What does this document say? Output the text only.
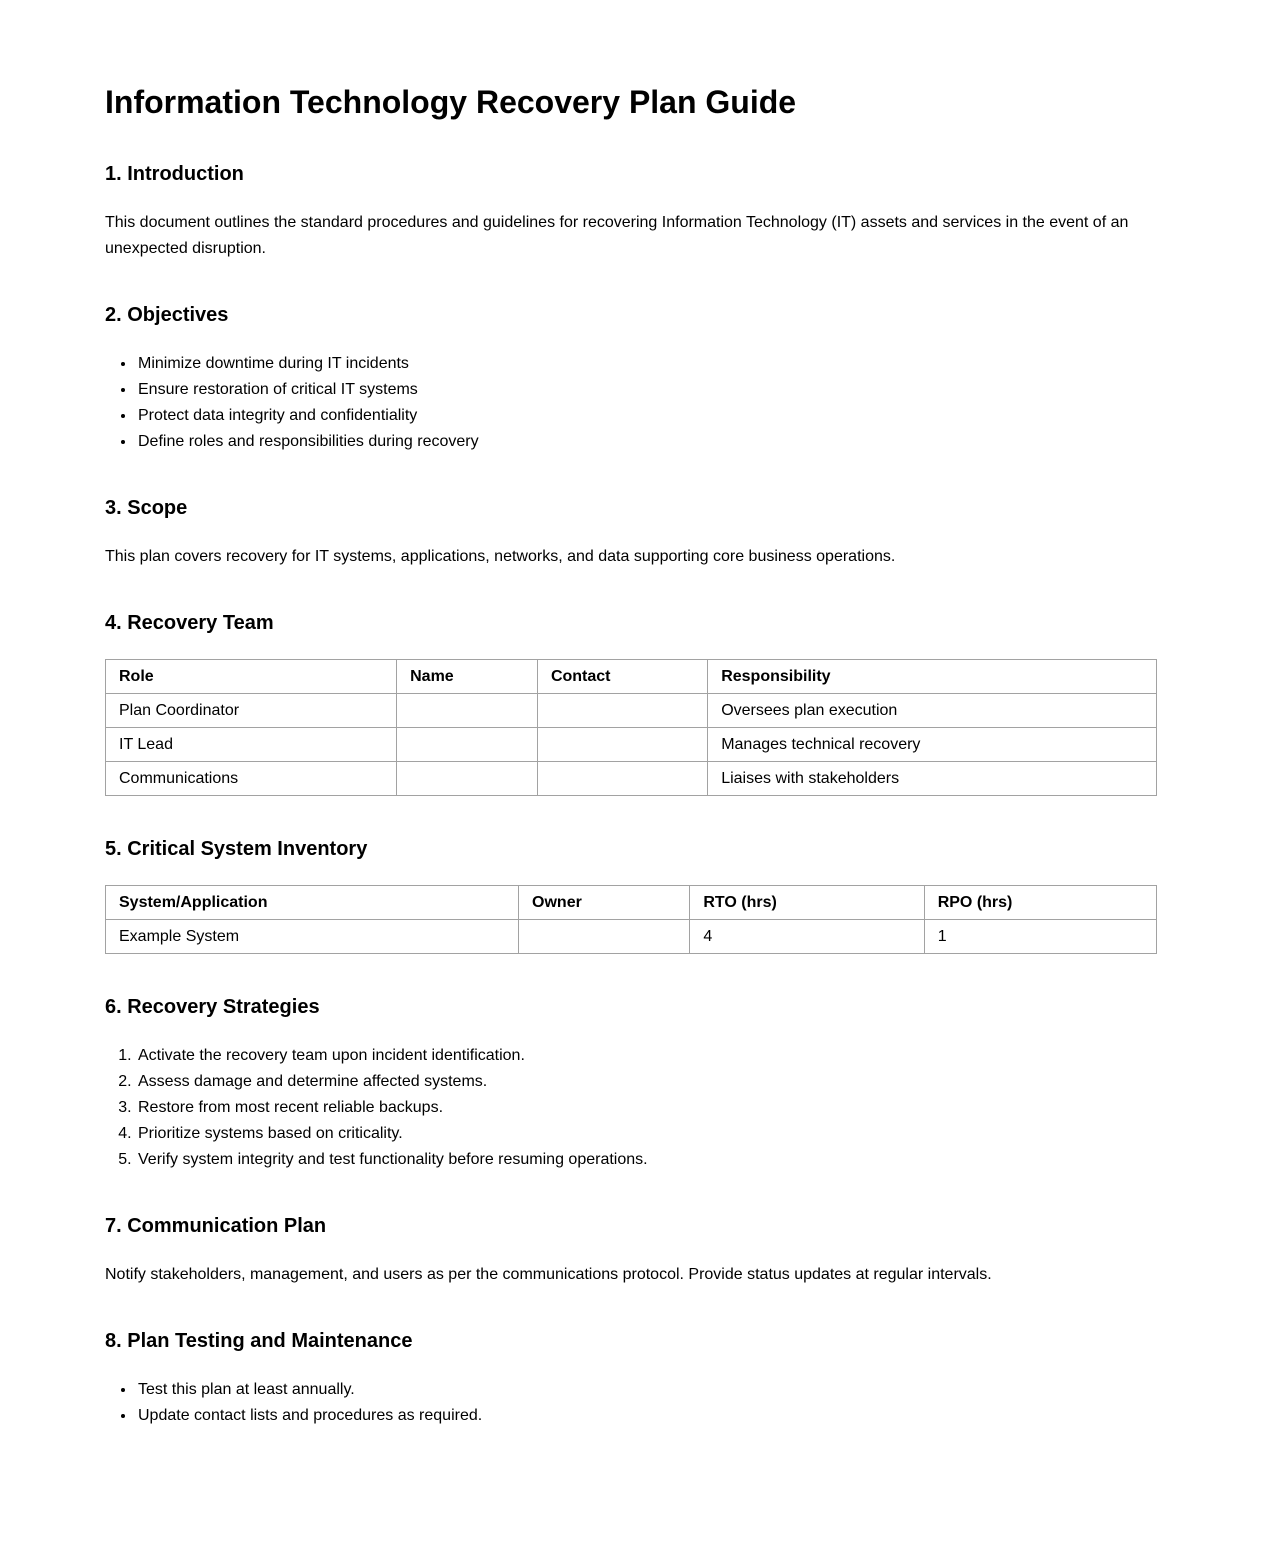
Information Technology Recovery Plan Guide
1. Introduction

This document outlines the standard procedures and guidelines for recovering Information Technology (IT) assets and services in the event of an unexpected disruption.

2. Objectives
• Minimize downtime during IT incidents
• Ensure restoration of critical IT systems
• Protect data integrity and confidentiality
• Define roles and responsibilities during recovery
3. Scope

This plan covers recovery for IT systems, applications, networks, and data supporting core business operations.

4. Recovery Team
Role	Name	Contact	Responsibility
Plan Coordinator			Oversees plan execution
IT Lead			Manages technical recovery
Communications			Liaises with stakeholders
5. Critical System Inventory
System/Application	Owner	RTO (hrs)	RPO (hrs)
Example System		4	1
6. Recovery Strategies
1. Activate the recovery team upon incident identification.
2. Assess damage and determine affected systems.
3. Restore from most recent reliable backups.
4. Prioritize systems based on criticality.
5. Verify system integrity and test functionality before resuming operations.
7. Communication Plan

Notify stakeholders, management, and users as per the communications protocol. Provide status updates at regular intervals.

8. Plan Testing and Maintenance
• Test this plan at least annually.
• Update contact lists and procedures as required.
